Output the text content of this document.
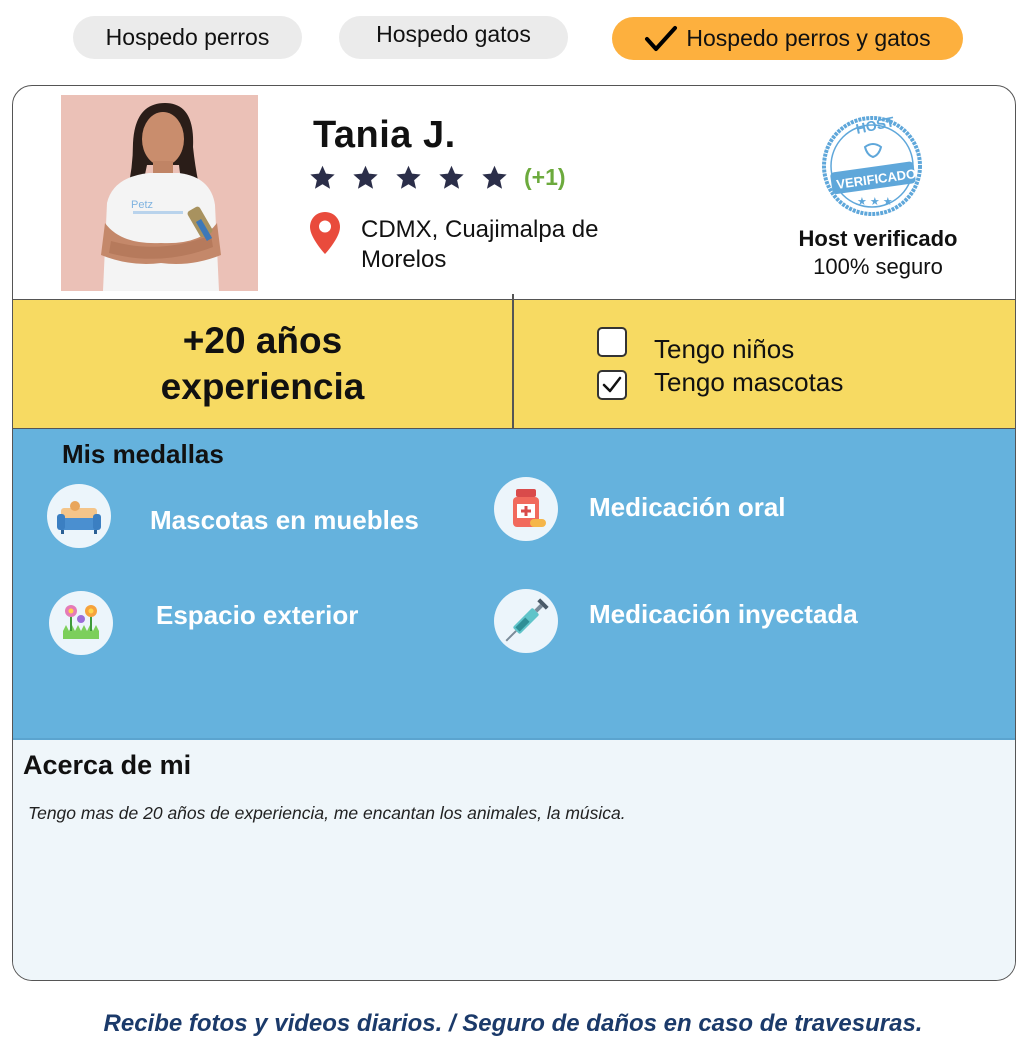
Hospedo perros	Hospedo gatos	Hospedo perros y gatos
Petz
Tania J.
(+1)
CDMX, Cuajimalpa de Morelos
HOST
VERIFICADO
★ ★ ★
Host verificado
100% seguro
+20 años
experiencia
Tengo niños
Tengo mascotas
Mis medallas
Mascotas en muebles	Medicación oral
Espacio exterior	Medicación inyectada
Acerca de mi
Tengo mas de 20 años de experiencia, me encantan los animales, la música.
Recibe fotos y videos diarios. / Seguro de daños en caso de travesuras.
